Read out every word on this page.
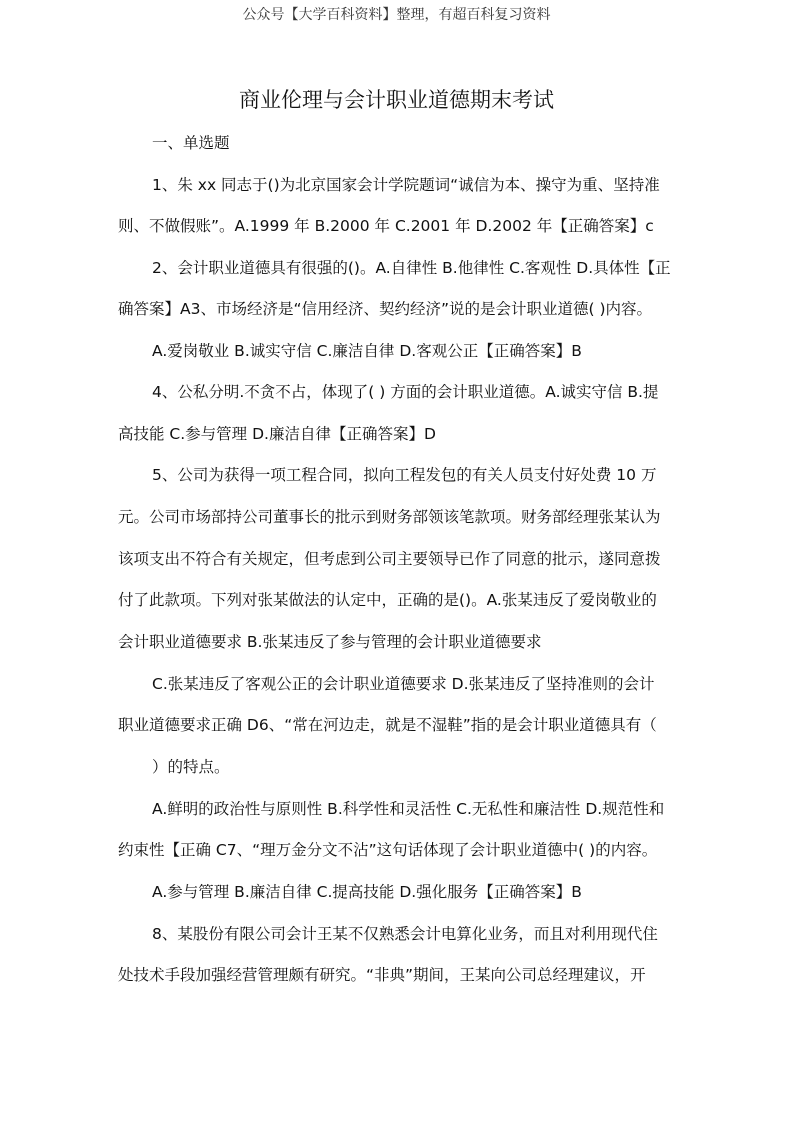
公众号【大学百科资料】整理，有超百科复习资料
商业伦理与会计职业道德期末考试
一、单选题
1、朱 xx 同志于()为北京国家会计学院题词“诚信为本、操守为重、坚持准
则、不做假账”。A.1999 年 B.2000 年 C.2001 年 D.2002 年【正确答案】c
2、会计职业道德具有很强的()。A.自律性 B.他律性 C.客观性 D.具体性【正
确答案】A3、市场经济是“信用经济、契约经济”说的是会计职业道德( )内容。
A.爱岗敬业 B.诚实守信 C.廉洁自律 D.客观公正【正确答案】B
4、公私分明.不贪不占，体现了( ) 方面的会计职业道德。A.诚实守信 B.提
高技能 C.参与管理 D.廉洁自律【正确答案】D
5、公司为获得一项工程合同，拟向工程发包的有关人员支付好处费 10 万
元。公司市场部持公司董事长的批示到财务部领该笔款项。财务部经理张某认为
该项支出不符合有关规定，但考虑到公司主要领导已作了同意的批示，遂同意拨
付了此款项。下列对张某做法的认定中，正确的是()。A.张某违反了爱岗敬业的
会计职业道德要求 B.张某违反了参与管理的会计职业道德要求
C.张某违反了客观公正的会计职业道德要求 D.张某违反了坚持准则的会计
职业道德要求正确 D6、“常在河边走，就是不湿鞋”指的是会计职业道德具有（
）的特点。
A.鲜明的政治性与原则性 B.科学性和灵活性 C.无私性和廉洁性 D.规范性和
约束性【正确 C7、“理万金分文不沾”这句话体现了会计职业道德中( )的内容。
A.参与管理 B.廉洁自律 C.提高技能 D.强化服务【正确答案】B
8、某股份有限公司会计王某不仅熟悉会计电算化业务，而且对利用现代住
处技术手段加强经营管理颇有研究。“非典”期间，王某向公司总经理建议，开
